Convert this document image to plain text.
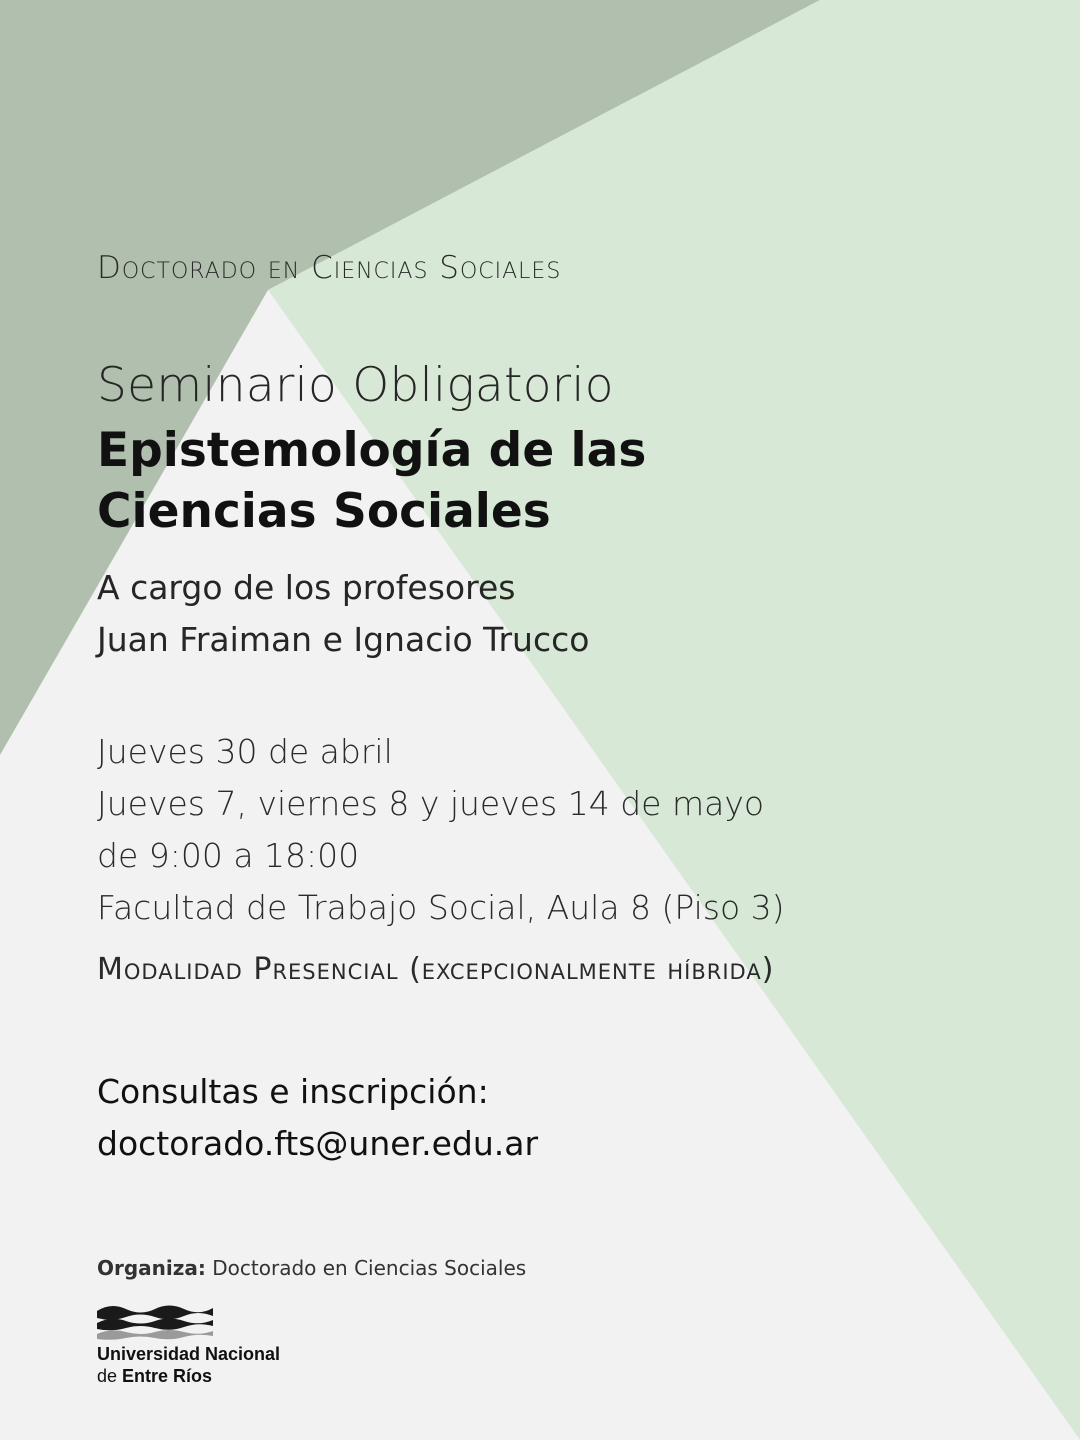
Doctorado en Ciencias Sociales

Seminario Obligatorio

Epistemología de las
Ciencias Sociales

A cargo de los profesores

Juan Fraiman e Ignacio Trucco

Jueves 30 de abril

Jueves 7, viernes 8 y jueves 14 de mayo

de 9:00 a 18:00

Facultad de Trabajo Social, Aula 8 (Piso 3)

Modalidad Presencial (excepcionalmente híbrida)

Consultas e inscripción:

doctorado.fts@uner.edu.ar

Organiza: Doctorado en Ciencias Sociales

Universidad Nacional

de Entre Ríos
